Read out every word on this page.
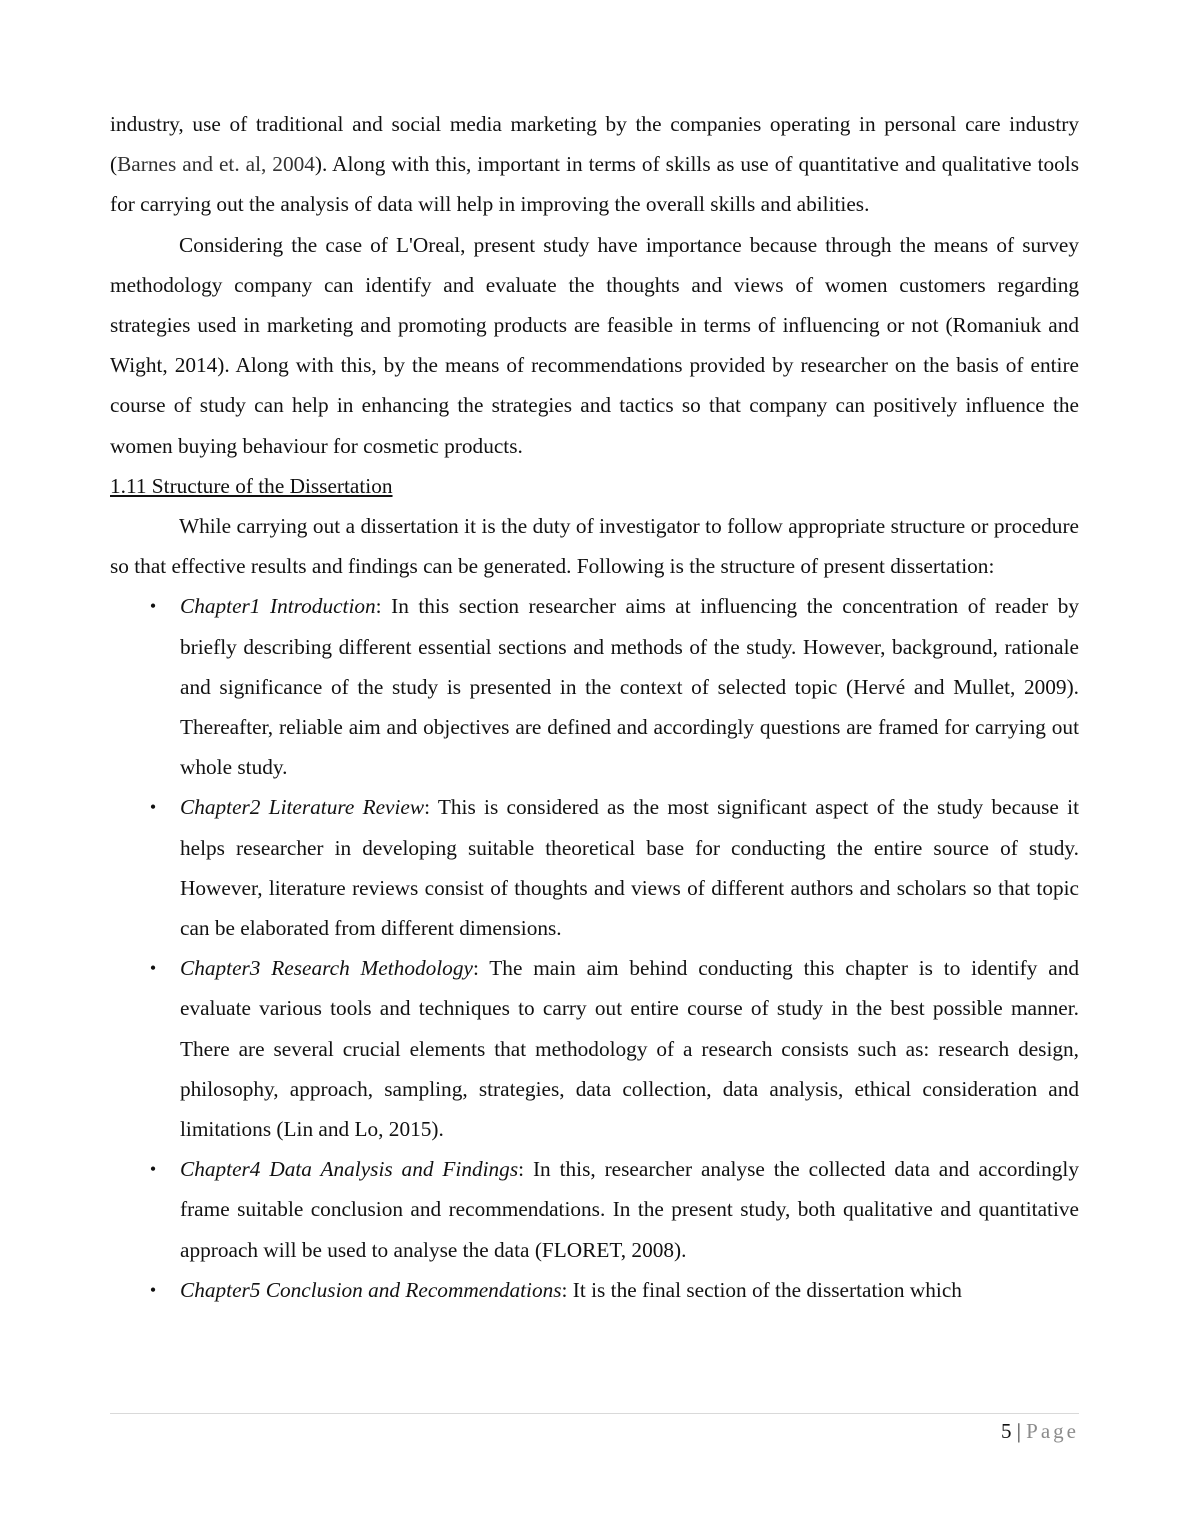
industry, use of traditional and social media marketing by the companies operating in personal care industry (Barnes and et. al, 2004). Along with this, important in terms of skills as use of quantitative and qualitative tools for carrying out the analysis of data will help in improving the overall skills and abilities.

Considering the case of L'Oreal, present study have importance because through the means of survey methodology company can identify and evaluate the thoughts and views of women customers regarding strategies used in marketing and promoting products are feasible in terms of influencing or not (Romaniuk and Wight, 2014). Along with this, by the means of recommendations provided by researcher on the basis of entire course of study can help in enhancing the strategies and tactics so that company can positively influence the women buying behaviour for cosmetic products.

1.11 Structure of the Dissertation

While carrying out a dissertation it is the duty of investigator to follow appropriate structure or procedure so that effective results and findings can be generated. Following is the structure of present dissertation:

• Chapter1 Introduction: In this section researcher aims at influencing the concentration of reader by briefly describing different essential sections and methods of the study. However, background, rationale and significance of the study is presented in the context of selected topic (Hervé and Mullet, 2009). Thereafter, reliable aim and objectives are defined and accordingly questions are framed for carrying out whole study.
• Chapter2 Literature Review: This is considered as the most significant aspect of the study because it helps researcher in developing suitable theoretical base for conducting the entire source of study. However, literature reviews consist of thoughts and views of different authors and scholars so that topic can be elaborated from different dimensions.
• Chapter3 Research Methodology: The main aim behind conducting this chapter is to identify and evaluate various tools and techniques to carry out entire course of study in the best possible manner. There are several crucial elements that methodology of a research consists such as: research design, philosophy, approach, sampling, strategies, data collection, data analysis, ethical consideration and limitations (Lin and Lo, 2015).
• Chapter4 Data Analysis and Findings: In this, researcher analyse the collected data and accordingly frame suitable conclusion and recommendations. In the present study, both qualitative and quantitative approach will be used to analyse the data (FLORET, 2008).
• Chapter5 Conclusion and Recommendations: It is the final section of the dissertation which
5 | Page
